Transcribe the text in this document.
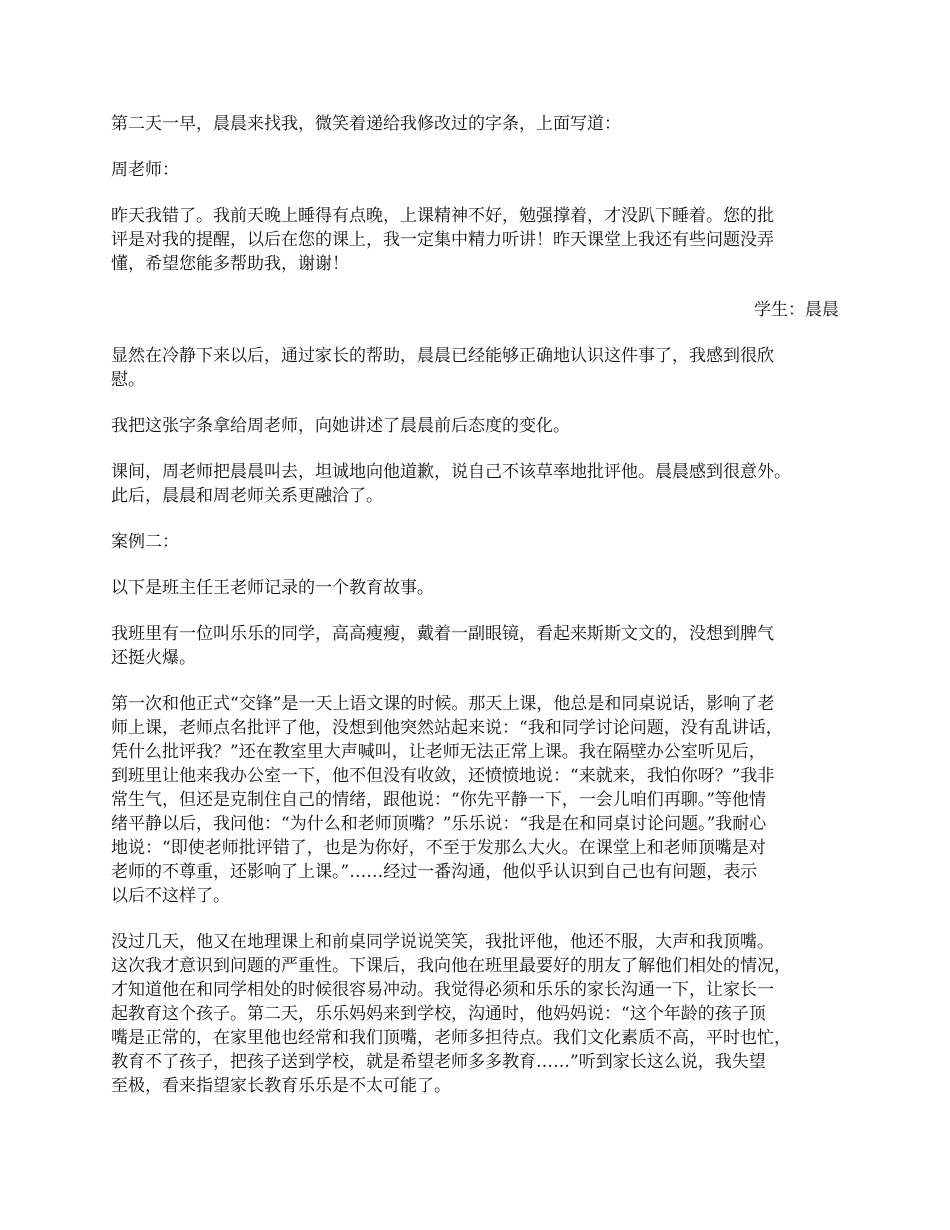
第二天一早，晨晨来找我，微笑着递给我修改过的字条，上面写道：

周老师：

昨天我错了。我前天晚上睡得有点晚，上课精神不好，勉强撑着，才没趴下睡着。您的批
评是对我的提醒，以后在您的课上，我一定集中精力听讲！昨天课堂上我还有些问题没弄
懂，希望您能多帮助我，谢谢！

学生：晨晨

显然在冷静下来以后，通过家长的帮助，晨晨已经能够正确地认识这件事了，我感到很欣
慰。

我把这张字条拿给周老师，向她讲述了晨晨前后态度的变化。

课间，周老师把晨晨叫去，坦诚地向他道歉，说自己不该草率地批评他。晨晨感到很意外。
此后，晨晨和周老师关系更融洽了。

案例二：

以下是班主任王老师记录的一个教育故事。

我班里有一位叫乐乐的同学，高高瘦瘦，戴着一副眼镜，看起来斯斯文文的，没想到脾气
还挺火爆。

第一次和他正式“交锋”是一天上语文课的时候。那天上课，他总是和同桌说话，影响了老
师上课，老师点名批评了他，没想到他突然站起来说：“我和同学讨论问题，没有乱讲话，
凭什么批评我？”还在教室里大声喊叫，让老师无法正常上课。我在隔壁办公室听见后，
到班里让他来我办公室一下，他不但没有收敛，还愤愤地说：“来就来，我怕你呀？”我非
常生气，但还是克制住自己的情绪，跟他说：“你先平静一下，一会儿咱们再聊。”等他情
绪平静以后，我问他：“为什么和老师顶嘴？”乐乐说：“我是在和同桌讨论问题。”我耐心
地说：“即使老师批评错了，也是为你好，不至于发那么大火。在课堂上和老师顶嘴是对
老师的不尊重，还影响了上课。”……经过一番沟通，他似乎认识到自己也有问题，表示
以后不这样了。

没过几天，他又在地理课上和前桌同学说说笑笑，我批评他，他还不服，大声和我顶嘴。
这次我才意识到问题的严重性。下课后，我向他在班里最要好的朋友了解他们相处的情况，
才知道他在和同学相处的时候很容易冲动。我觉得必须和乐乐的家长沟通一下，让家长一
起教育这个孩子。第二天，乐乐妈妈来到学校，沟通时，他妈妈说：“这个年龄的孩子顶
嘴是正常的，在家里他也经常和我们顶嘴，老师多担待点。我们文化素质不高，平时也忙，
教育不了孩子，把孩子送到学校，就是希望老师多多教育……”听到家长这么说，我失望
至极，看来指望家长教育乐乐是不太可能了。
